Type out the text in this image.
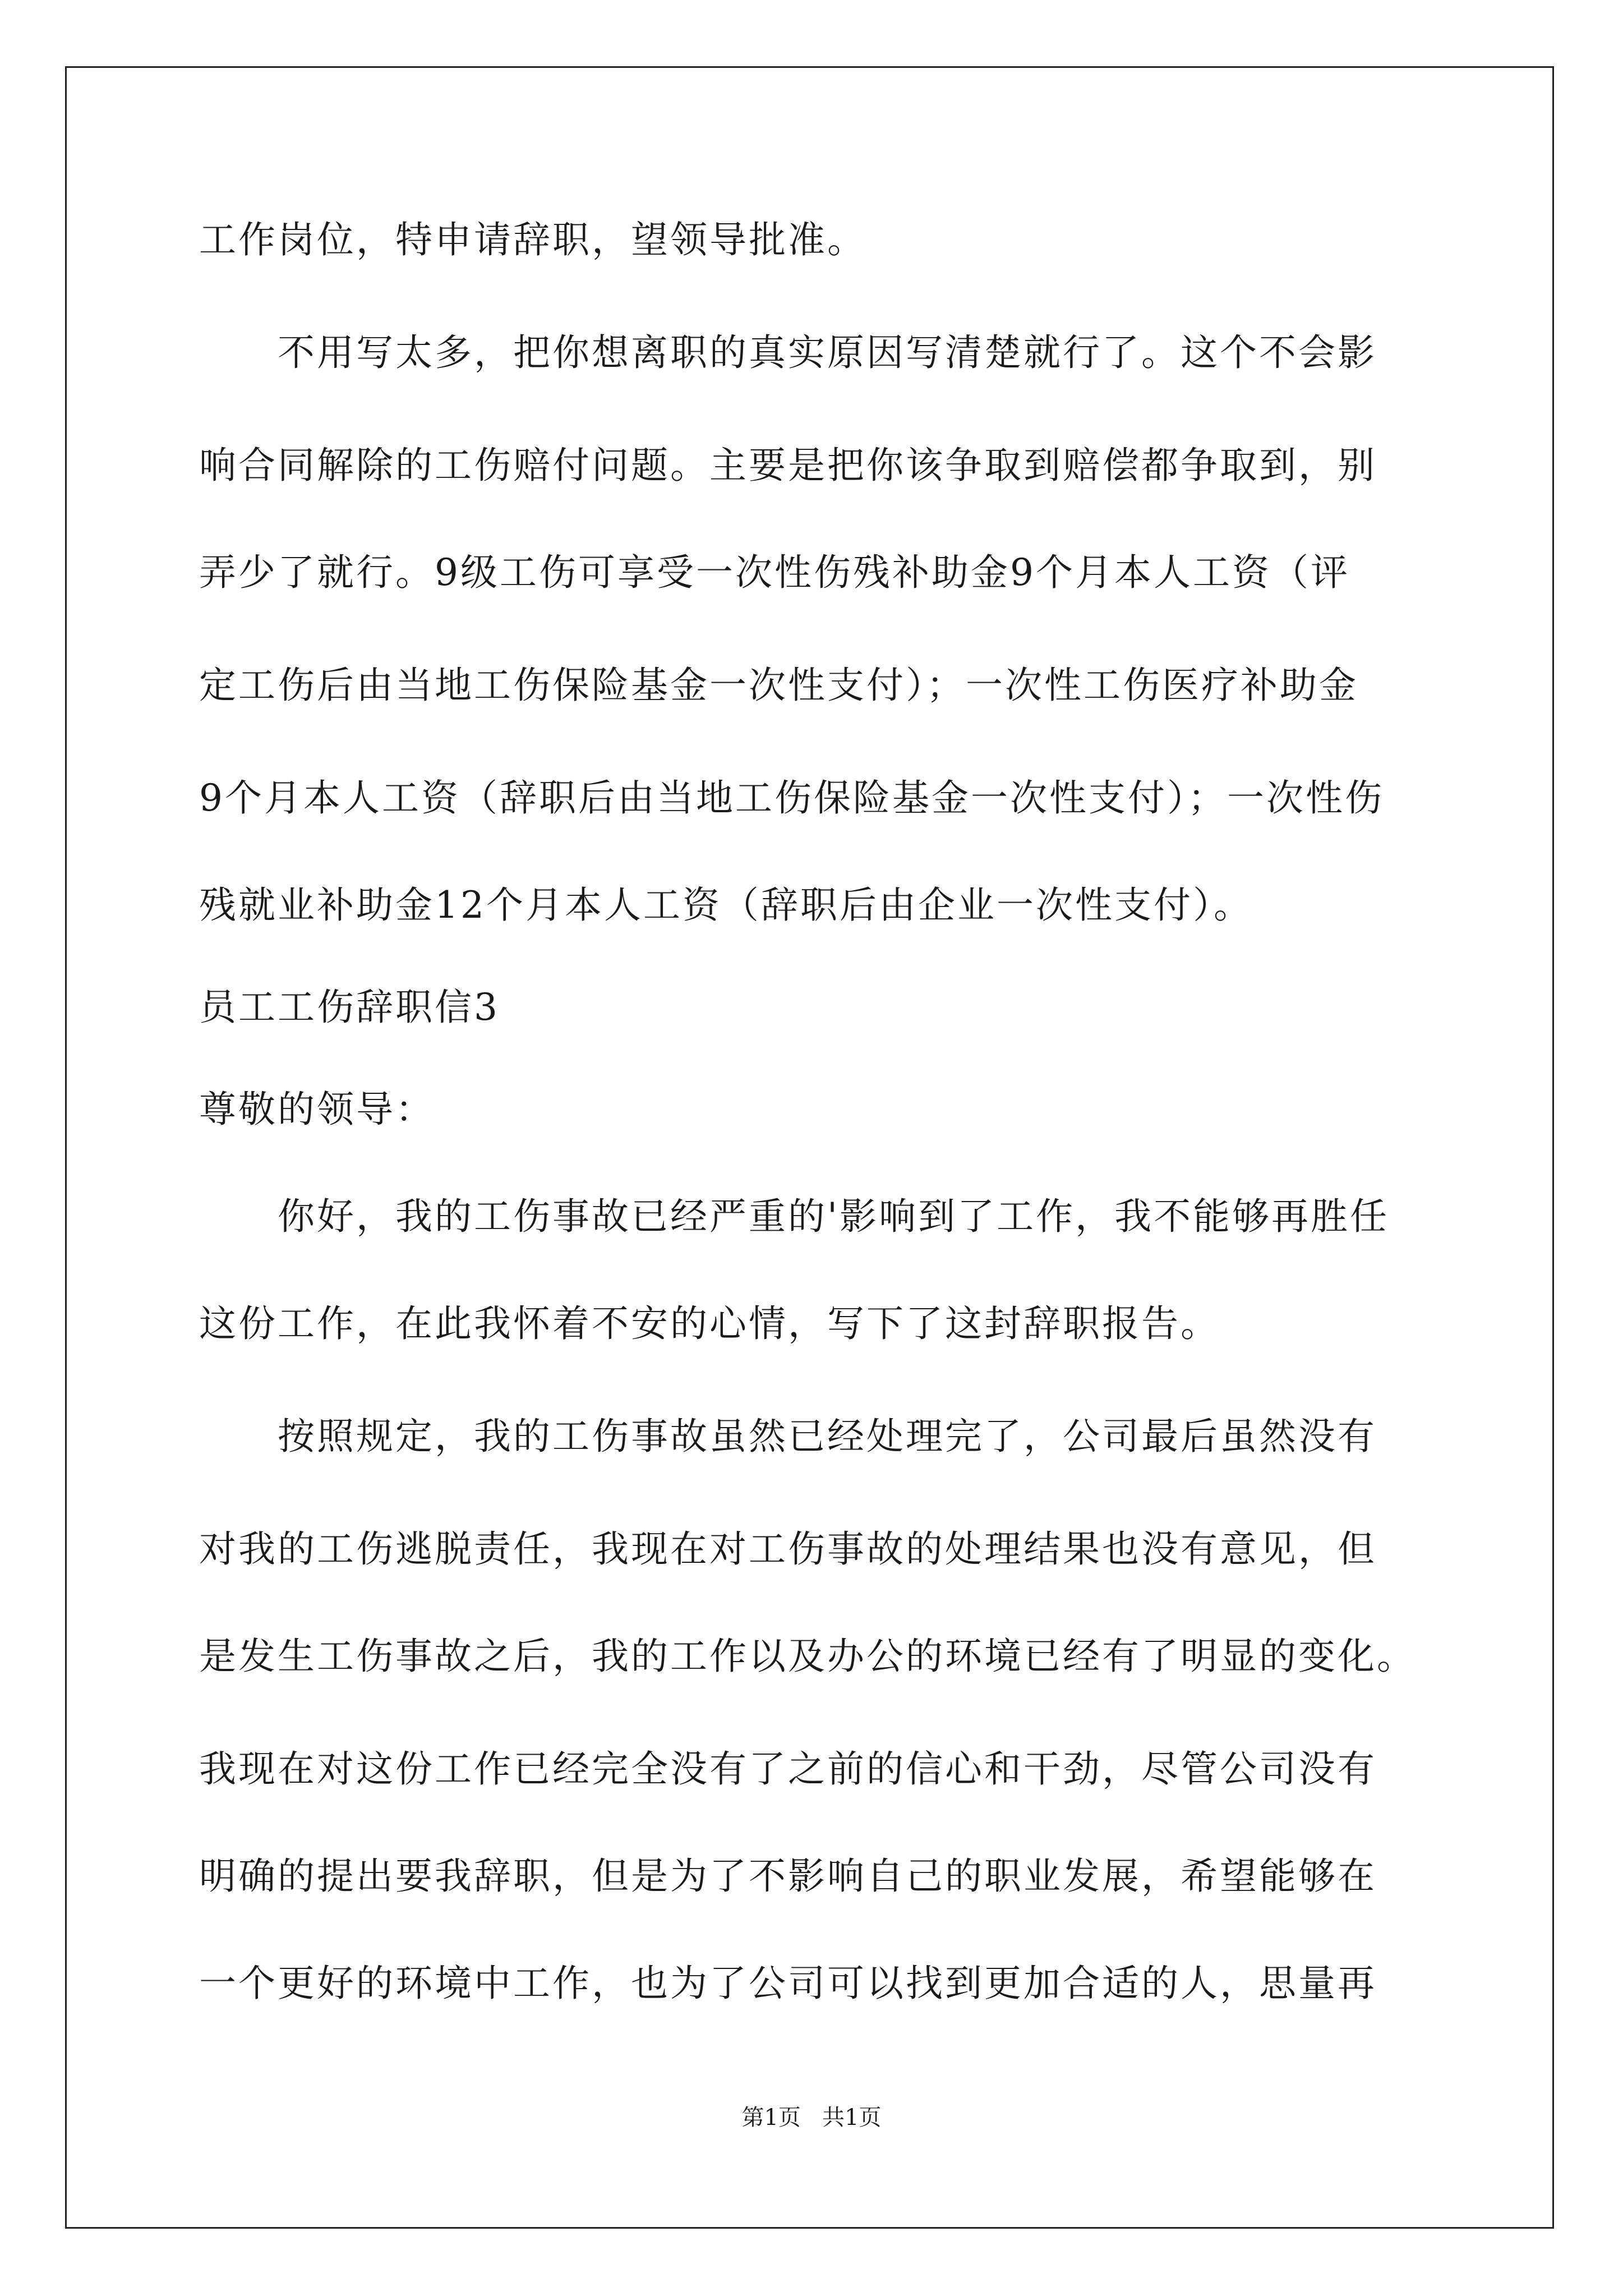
工作岗位，特申请辞职，望领导批准。
　　不用写太多，把你想离职的真实原因写清楚就行了。这个不会影
响合同解除的工伤赔付问题。主要是把你该争取到赔偿都争取到，别
弄少了就行。9级工伤可享受一次性伤残补助金9个月本人工资（评
定工伤后由当地工伤保险基金一次性支付）；一次性工伤医疗补助金
9个月本人工资（辞职后由当地工伤保险基金一次性支付）；一次性伤
残就业补助金12个月本人工资（辞职后由企业一次性支付）。
员工工伤辞职信3
尊敬的领导：
　　你好，我的工伤事故已经严重的'影响到了工作，我不能够再胜任
这份工作，在此我怀着不安的心情，写下了这封辞职报告。
　　按照规定，我的工伤事故虽然已经处理完了，公司最后虽然没有
对我的工伤逃脱责任，我现在对工伤事故的处理结果也没有意见，但
是发生工伤事故之后，我的工作以及办公的环境已经有了明显的变化。
我现在对这份工作已经完全没有了之前的信心和干劲，尽管公司没有
明确的提出要我辞职，但是为了不影响自己的职业发展，希望能够在
一个更好的环境中工作，也为了公司可以找到更加合适的人，思量再
第1页   共1页
